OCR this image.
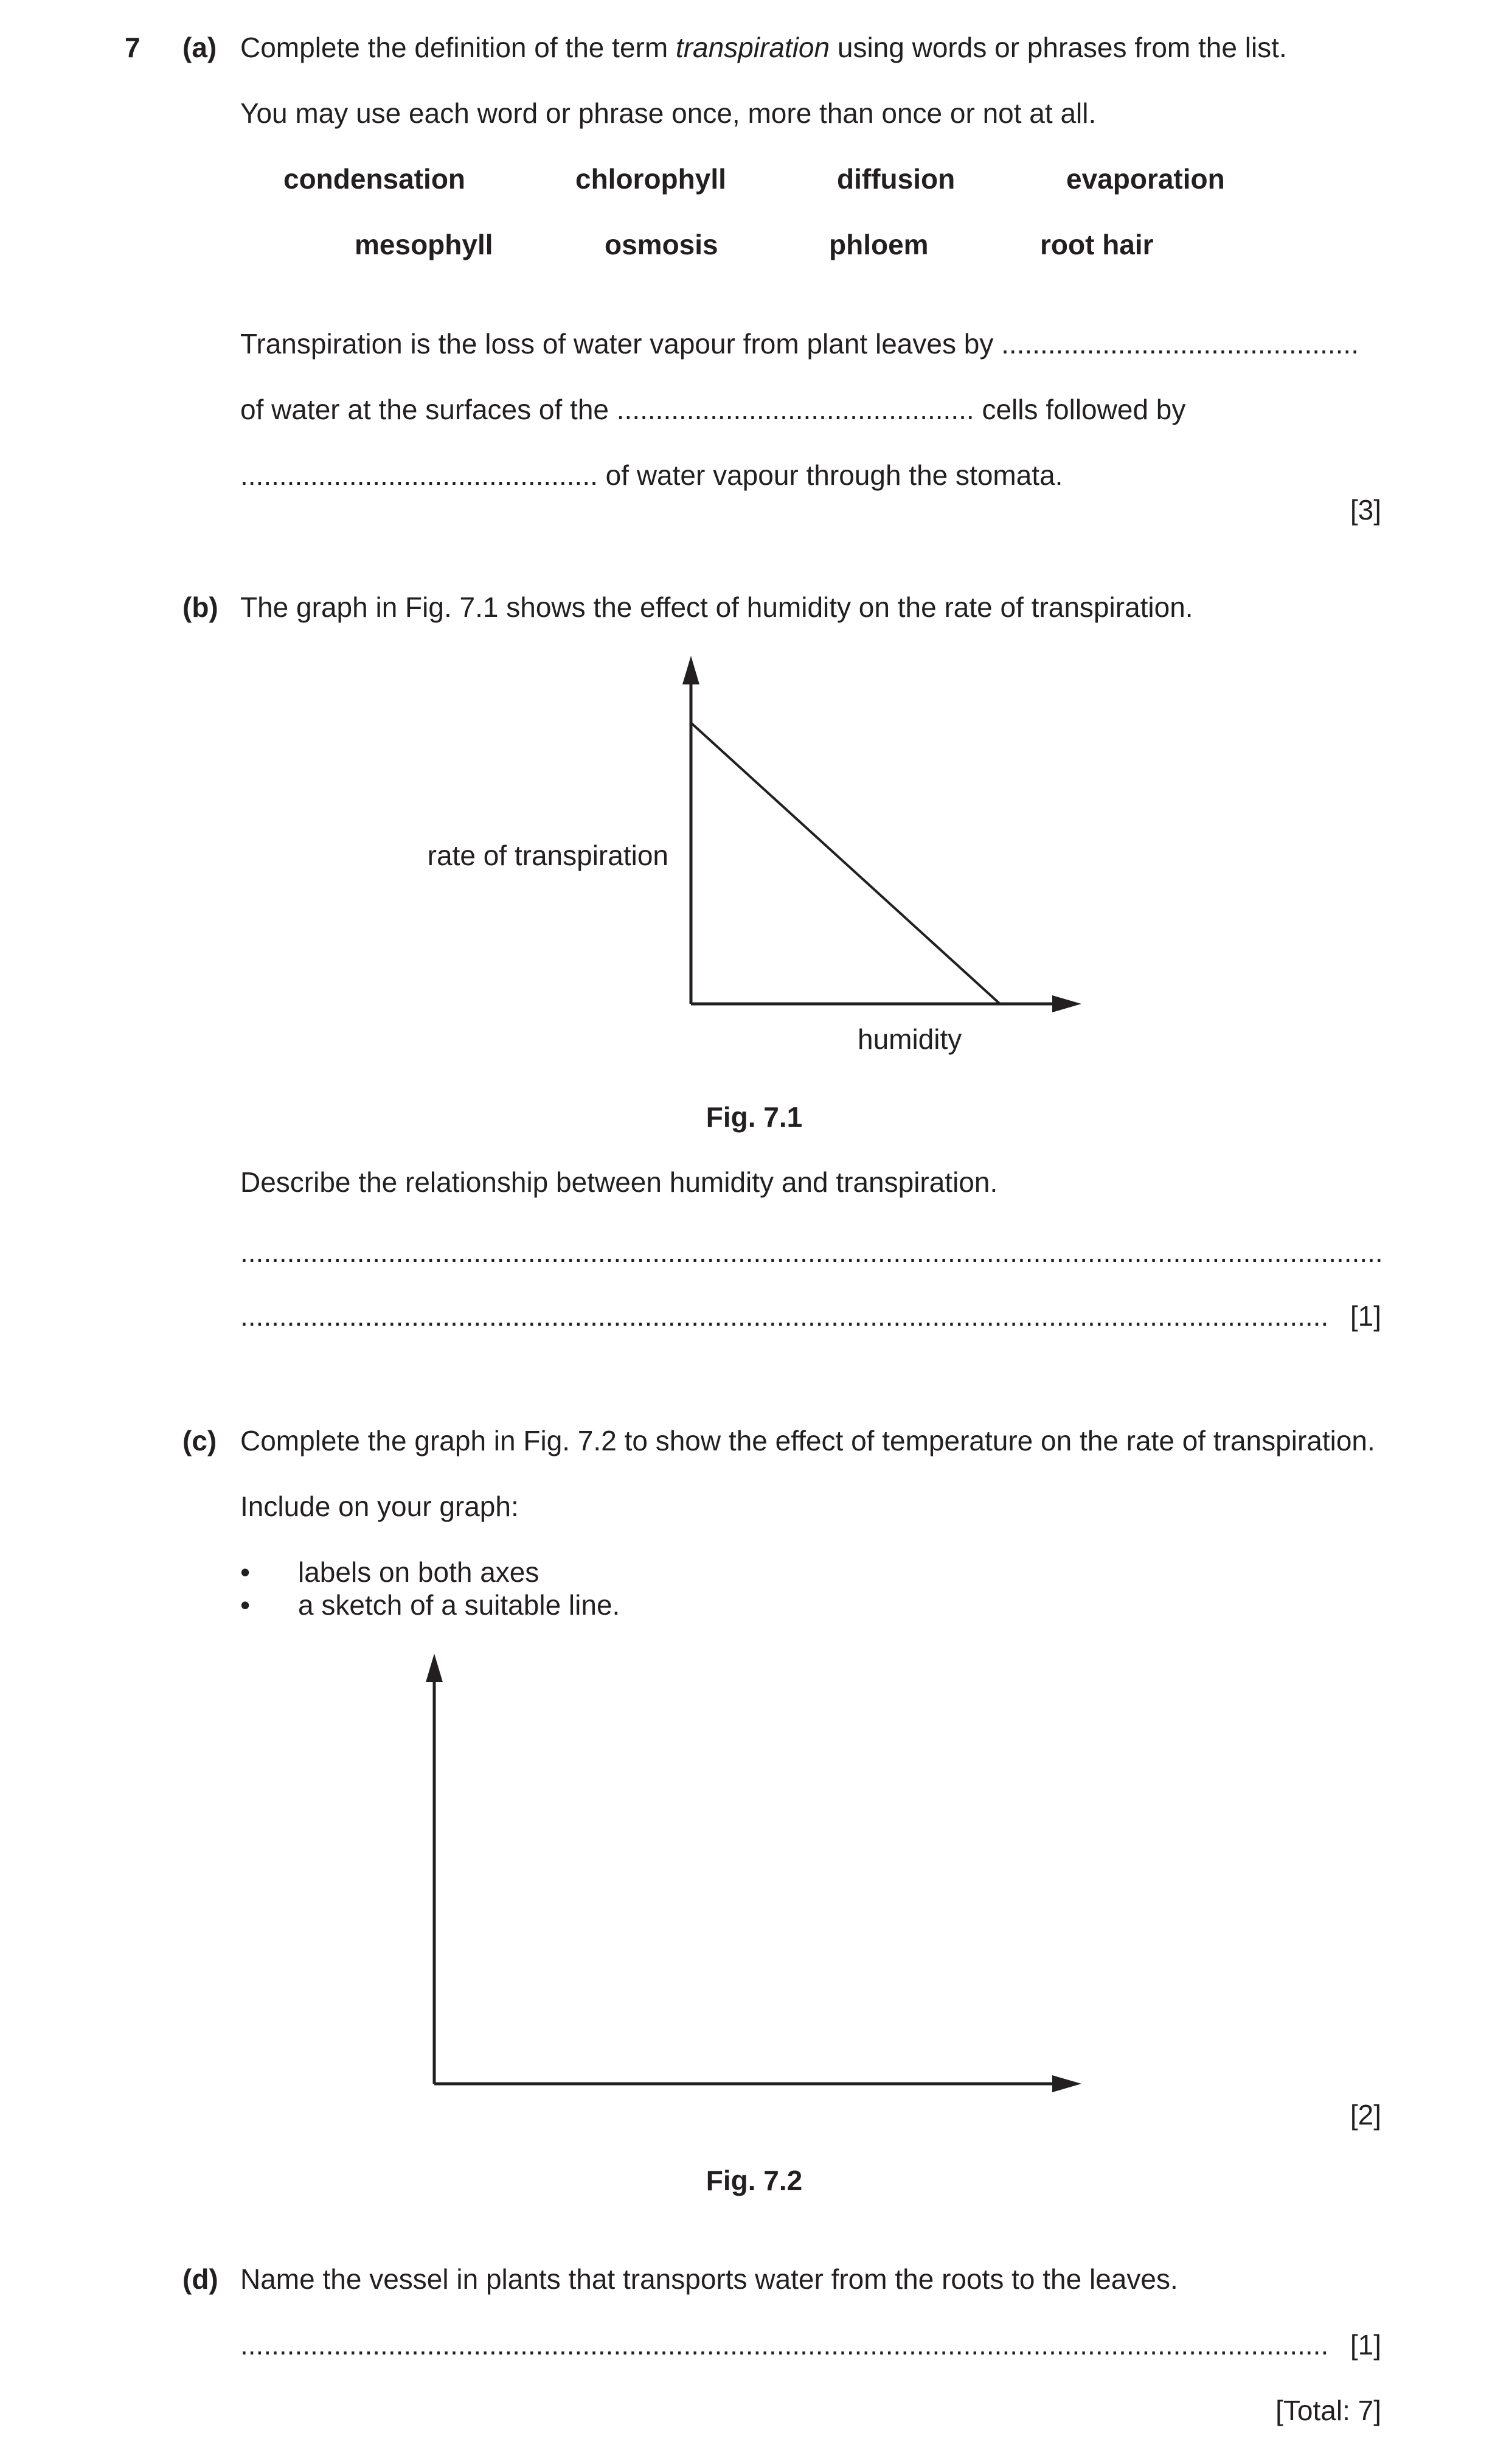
7 (a) Complete the definition of the term transpiration using words or phrases from the list.
You may use each word or phrase once, more than once or not at all.
condensation	chlorophyll	diffusion	evaporation
mesophyll	osmosis	phloem	root hair
Transpiration is the loss of water vapour from plant leaves by ..............................................
of water at the surfaces of the .............................................. cells followed by
.............................................. of water vapour through the stomata.
[3]
(b) The graph in Fig. 7.1 shows the effect of humidity on the rate of transpiration.
rate of transpiration
humidity
Fig. 7.1
Describe the relationship between humidity and transpiration.
...................................................................................................................................................
............................................................................................................................................ [1]
(c) Complete the graph in Fig. 7.2 to show the effect of temperature on the rate of transpiration.
Include on your graph:
• labels on both axes
• a sketch of a suitable line.
[2]
Fig. 7.2
(d) Name the vessel in plants that transports water from the roots to the leaves.
............................................................................................................................................ [1]
[Total: 7]
